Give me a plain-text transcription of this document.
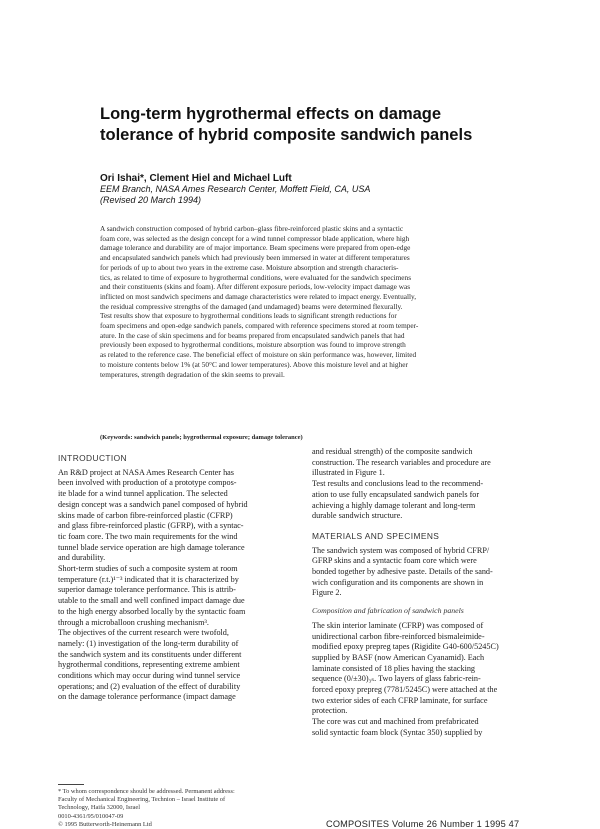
Long-term hygrothermal effects on damage
tolerance of hybrid composite sandwich panels
Ori Ishai*, Clement Hiel and Michael Luft
EEM Branch, NASA Ames Research Center, Moffett Field, CA, USA
(Revised 20 March 1994)
A sandwich construction composed of hybrid carbon–glass fibre-reinforced plastic skins and a syntactic
foam core, was selected as the design concept for a wind tunnel compressor blade application, where high
damage tolerance and durability are of major importance. Beam specimens were prepared from open-edge
and encapsulated sandwich panels which had previously been immersed in water at different temperatures
for periods of up to about two years in the extreme case. Moisture absorption and strength characteris-
tics, as related to time of exposure to hygrothermal conditions, were evaluated for the sandwich specimens
and their constituents (skins and foam). After different exposure periods, low-velocity impact damage was
inflicted on most sandwich specimens and damage characteristics were related to impact energy. Eventually,
the residual compressive strengths of the damaged (and undamaged) beams were determined flexurally.
Test results show that exposure to hygrothermal conditions leads to significant strength reductions for
foam specimens and open-edge sandwich panels, compared with reference specimens stored at room temper-
ature. In the case of skin specimens and for beams prepared from encapsulated sandwich panels that had
previously been exposed to hygrothermal conditions, moisture absorption was found to improve strength
as related to the reference case. The beneficial effect of moisture on skin performance was, however, limited
to moisture contents below 1% (at 50°C and lower temperatures). Above this moisture level and at higher
temperatures, strength degradation of the skin seems to prevail.
(Keywords: sandwich panels; hygrothermal exposure; damage tolerance)
INTRODUCTION
An R&D project at NASA Ames Research Center has
been involved with production of a prototype compos-
ite blade for a wind tunnel application. The selected
design concept was a sandwich panel composed of hybrid
skins made of carbon fibre-reinforced plastic (CFRP)
and glass fibre-reinforced plastic (GFRP), with a syntac-
tic foam core. The two main requirements for the wind
tunnel blade service operation are high damage tolerance
and durability.
Short-term studies of such a composite system at room
temperature (r.t.)¹⁻³ indicated that it is characterized by
superior damage tolerance performance. This is attrib-
utable to the small and well confined impact damage due
to the high energy absorbed locally by the syntactic foam
through a microballoon crushing mechanism³.
The objectives of the current research were twofold,
namely: (1) investigation of the long-term durability of
the sandwich system and its constituents under different
hygrothermal conditions, representing extreme ambient
conditions which may occur during wind tunnel service
operations; and (2) evaluation of the effect of durability
on the damage tolerance performance (impact damage
and residual strength) of the composite sandwich
construction. The research variables and procedure are
illustrated in Figure 1.
Test results and conclusions lead to the recommend-
ation to use fully encapsulated sandwich panels for
achieving a highly damage tolerant and long-term
durable sandwich structure.
MATERIALS AND SPECIMENS
The sandwich system was composed of hybrid CFRP/
GFRP skins and a syntactic foam core which were
bonded together by adhesive paste. Details of the sand-
wich configuration and its components are shown in
Figure 2.
Composition and fabrication of sandwich panels
The skin interior laminate (CFRP) was composed of
unidirectional carbon fibre-reinforced bismaleimide-
modified epoxy prepreg tapes (Rigidite G40-600/5245C)
supplied by BASF (now American Cyanamid). Each
laminate consisted of 18 plies having the stacking
sequence (0/±30)₃ₛ. Two layers of glass fabric-rein-
forced epoxy prepreg (7781/5245C) were attached at the
two exterior sides of each CFRP laminate, for surface
protection.
The core was cut and machined from prefabricated
solid syntactic foam block (Syntac 350) supplied by
* To whom correspondence should be addressed. Permanent address:
Faculty of Mechanical Engineering, Technion – Israel Institute of
Technology, Haifa 32000, Israel
0010-4361/95/010047-09
© 1995 Butterworth-Heinemann Ltd	COMPOSITES Volume 26 Number 1 1995 47
